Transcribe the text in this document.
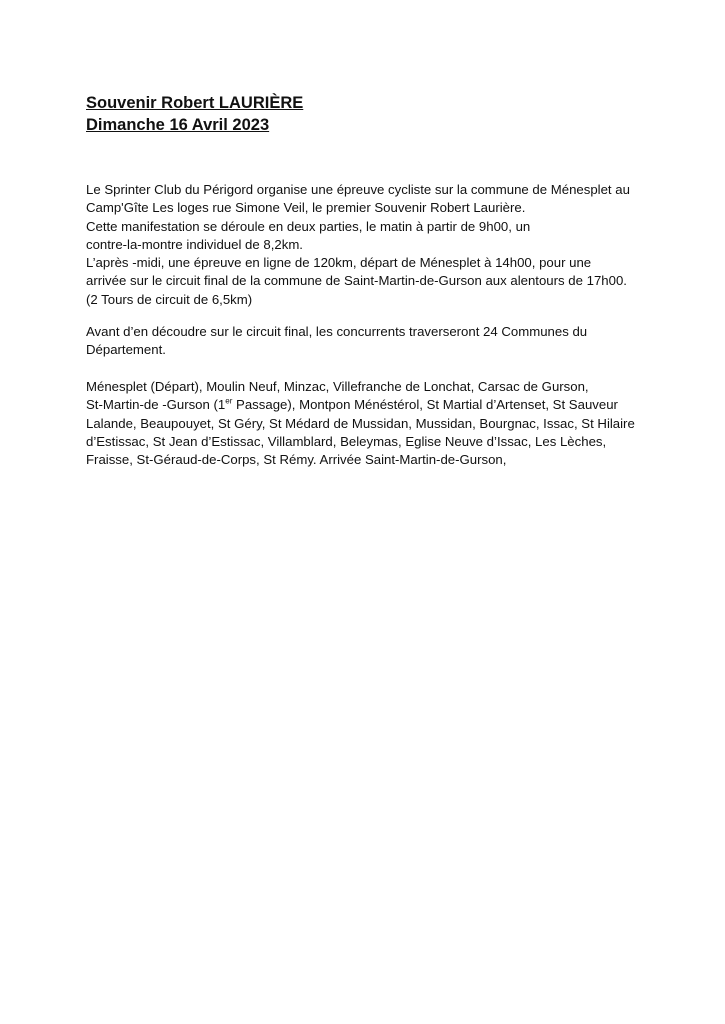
Souvenir Robert LAURIÈRE
Dimanche 16 Avril 2023
Le Sprinter Club du Périgord organise une épreuve cycliste sur la commune de Ménesplet au
Camp'Gîte Les loges rue Simone Veil, le premier Souvenir Robert Laurière.
Cette manifestation se déroule en deux parties, le matin à partir de 9h00, un
contre-la-montre individuel de 8,2km.
L’après -midi, une épreuve en ligne de 120km, départ de Ménesplet à 14h00, pour une
arrivée sur le circuit final de la commune de Saint-Martin-de-Gurson aux alentours de 17h00.
(2 Tours de circuit de 6,5km)
Avant d’en découdre sur le circuit final, les concurrents traverseront 24 Communes du
Département.
Ménesplet (Départ), Moulin Neuf, Minzac, Villefranche de Lonchat, Carsac de Gurson,
St-Martin-de -Gurson (1er Passage), Montpon Ménéstérol, St Martial d’Artenset, St Sauveur
Lalande, Beaupouyet, St Géry, St Médard de Mussidan, Mussidan, Bourgnac, Issac, St Hilaire
d’Estissac, St Jean d’Estissac, Villamblard, Beleymas, Eglise Neuve d’Issac, Les Lèches,
Fraisse, St-Géraud-de-Corps, St Rémy. Arrivée Saint-Martin-de-Gurson,
